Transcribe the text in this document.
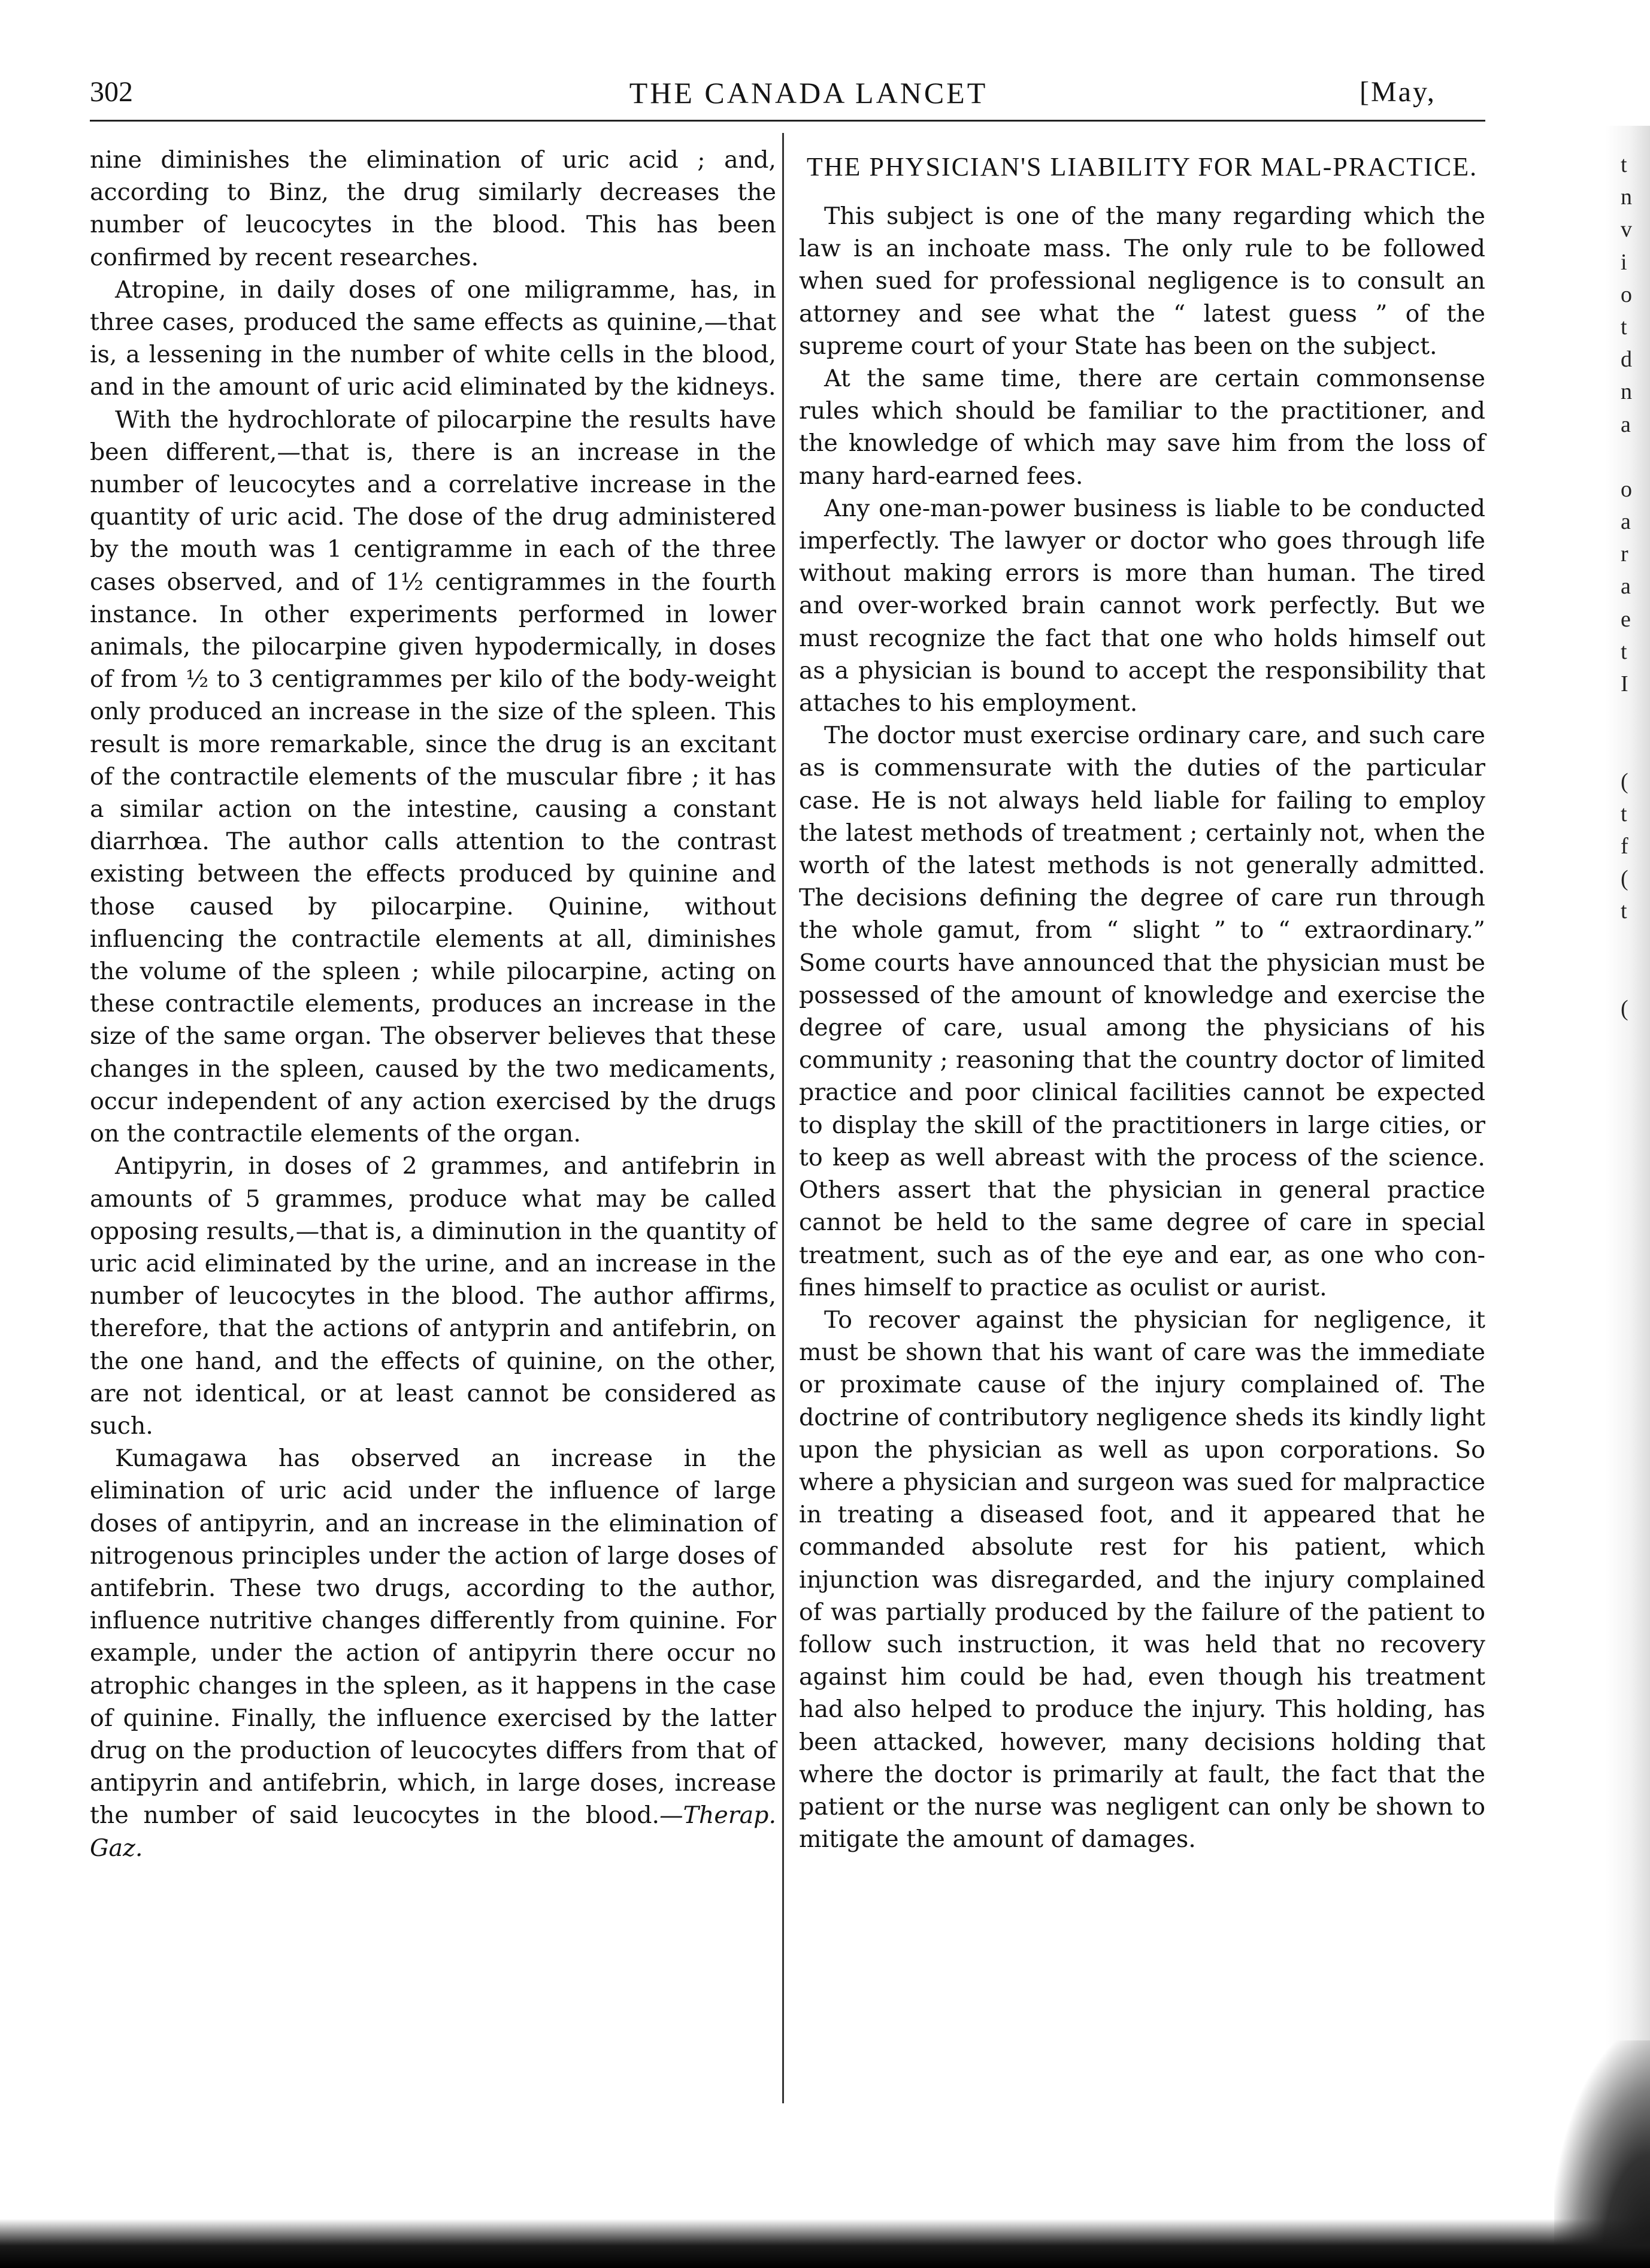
302	THE CANADA LANCET	[May,

nine diminishes the elimination of uric acid ; and, according to Binz, the drug similarly decreases the number of leucocytes in the blood. This has been confirmed by recent researches.

Atropine, in daily doses of one miligramme, has, in three cases, produced the same effects as quinine,—that is, a lessening in the number of white cells in the blood, and in the amount of uric acid eliminated by the kidneys.

With the hydrochlorate of pilocarpine the results have been different,—that is, there is an increase in the number of leucocytes and a correlative increase in the quantity of uric acid. The dose of the drug administered by the mouth was 1 centigramme in each of the three cases observed, and of 1½ centigrammes in the fourth instance. In other experiments performed in lower animals, the pilocarpine given hypodermically, in doses of from ½ to 3 centigrammes per kilo of the body-weight only produced an increase in the size of the spleen. This result is more remarkable, since the drug is an excitant of the contractile elements of the muscular fibre ; it has a similar action on the intestine, causing a constant diarrhœa. The author calls attention to the contrast existing between the effects produced by quinine and those caused by pilocarpine. Quinine, without influencing the contractile elements at all, diminishes the volume of the spleen ; while pilocarpine, acting on these contractile elements, produces an increase in the size of the same organ. The observer believes that these changes in the spleen, caused by the two medicaments, occur independent of any action exercised by the drugs on the contractile elements of the organ.

Antipyrin, in doses of 2 grammes, and antifebrin in amounts of 5 grammes, produce what may be called opposing results,—that is, a diminution in the quantity of uric acid eliminated by the urine, and an increase in the number of leucocytes in the blood. The author affirms, therefore, that the actions of antyprin and antifebrin, on the one hand, and the effects of quinine, on the other, are not identical, or at least cannot be considered as such.

Kumagawa has observed an increase in the elimination of uric acid under the influence of large doses of antipyrin, and an increase in the elimination of nitrogenous principles under the action of large doses of antifebrin. These two drugs, according to the author, influence nutritive changes differently from quinine. For example, under the action of antipyrin there occur no atrophic changes in the spleen, as it happens in the case of quinine. Finally, the influence exercised by the latter drug on the production of leucocytes differs from that of antipyrin and antifebrin, which, in large doses, increase the number of said leucocytes in the blood.—Therap. Gaz.

THE PHYSICIAN'S LIABILITY FOR MAL-PRACTICE.

This subject is one of the many regarding which the law is an inchoate mass. The only rule to be followed when sued for professional negligence is to consult an attorney and see what the “ latest guess ” of the supreme court of your State has been on the subject.

At the same time, there are certain commonsense rules which should be familiar to the practitioner, and the knowledge of which may save him from the loss of many hard-earned fees.

Any one-man-power business is liable to be conducted imperfectly. The lawyer or doctor who goes through life without making errors is more than human. The tired and over-worked brain cannot work perfectly. But we must recognize the fact that one who holds himself out as a physician is bound to accept the responsibility that attaches to his employment.

The doctor must exercise ordinary care, and such care as is commensurate with the duties of the particular case. He is not always held liable for failing to employ the latest methods of treatment ; certainly not, when the worth of the latest methods is not generally admitted. The decisions defining the degree of care run through the whole gamut, from “ slight ” to “ extraordinary.” Some courts have announced that the physician must be possessed of the amount of knowledge and exercise the degree of care, usual among the physicians of his community ; reasoning that the country doctor of limited practice and poor clinical facilities cannot be expected to display the skill of the practitioners in large cities, or to keep as well abreast with the process of the science. Others assert that the physician in general practice cannot be held to the same degree of care in special treatment, such as of the eye and ear, as one who confines himself to practice as oculist or aurist.

To recover against the physician for negligence, it must be shown that his want of care was the immediate or proximate cause of the injury complained of. The doctrine of contributory negligence sheds its kindly light upon the physician as well as upon corporations. So where a physician and surgeon was sued for malpractice in treating a diseased foot, and it appeared that he commanded absolute rest for his patient, which injunction was disregarded, and the injury complained of was partially produced by the failure of the patient to follow such instruction, it was held that no recovery against him could be had, even though his treatment had also helped to produce the injury. This holding, has been attacked, however, many decisions holding that where the doctor is primarily at fault, the fact that the patient or the nurse was negligent can only be shown to mitigate the amount of damages.

t
n
v
i
o
t
d
n
a
o
a
r
a
e
t
I
(
t
f
(
t
(
